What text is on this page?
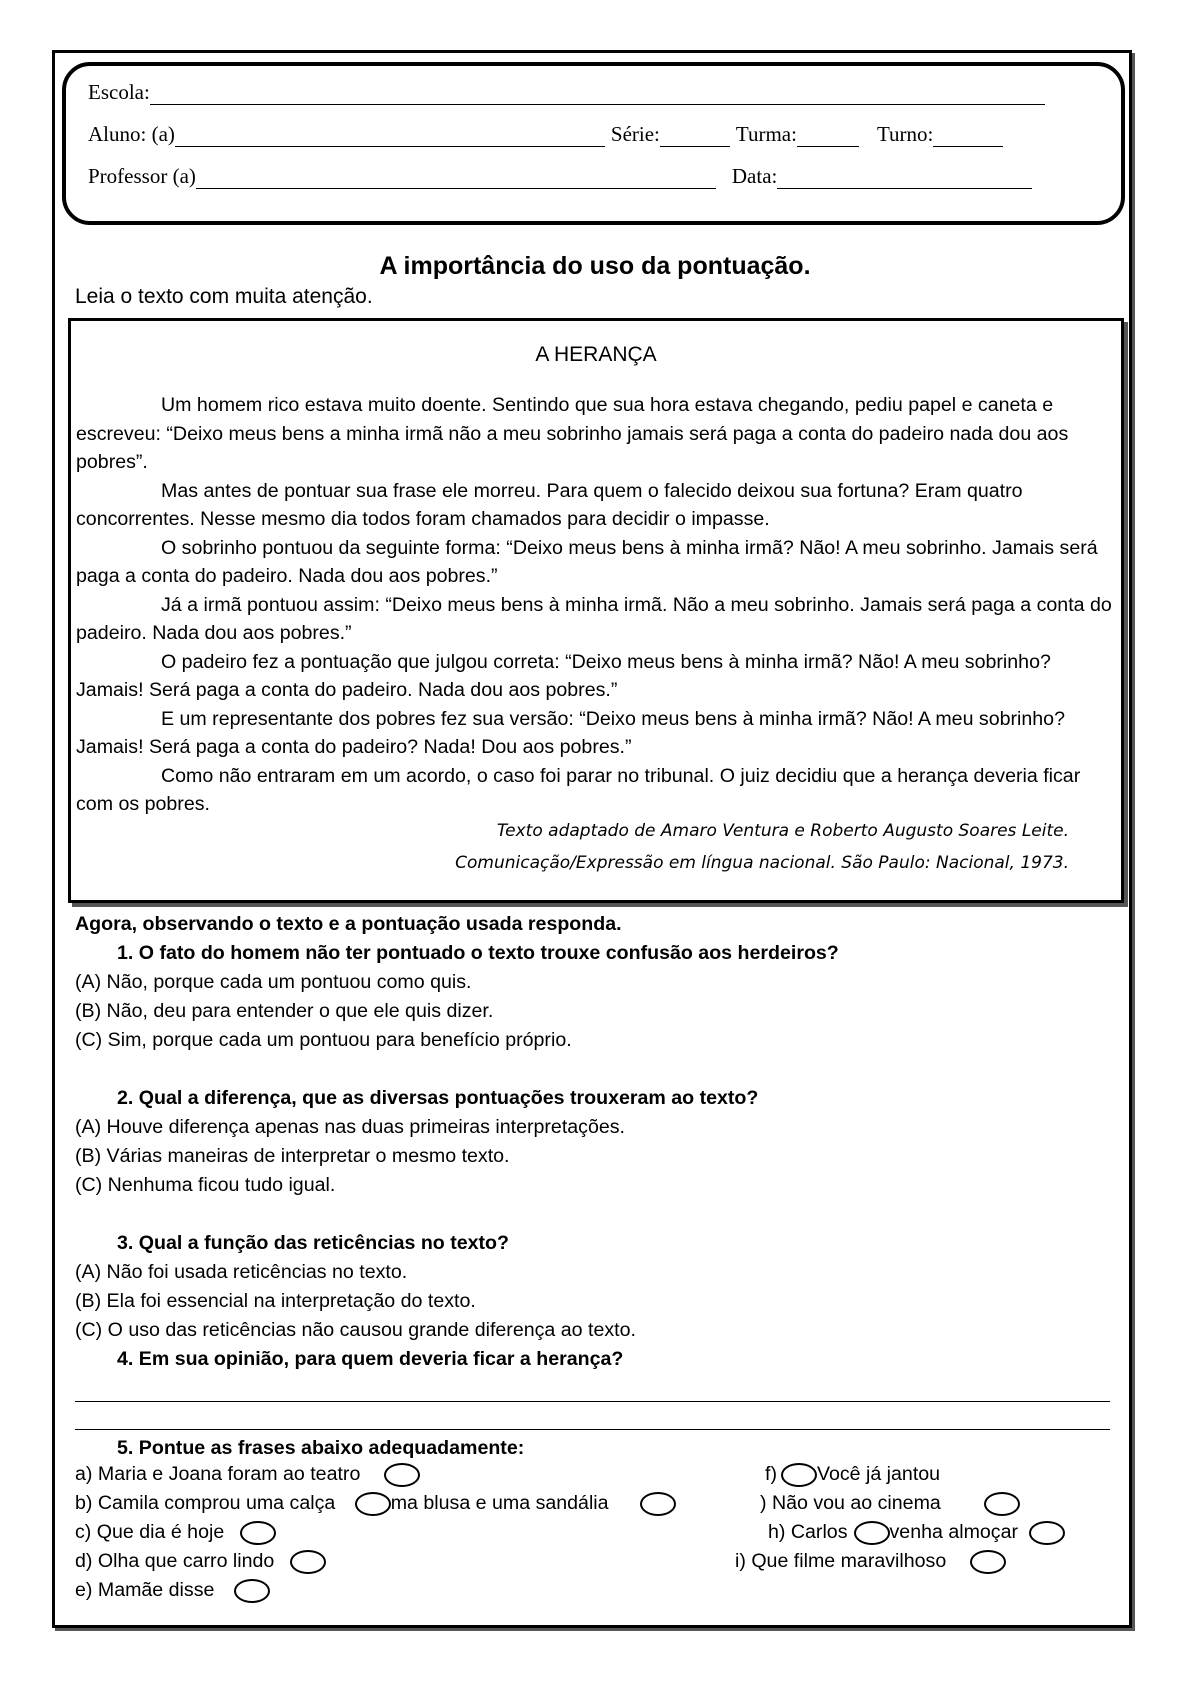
Escola:
Aluno: (a)	Série:	Turma:	Turno:
Professor (a)	Data:
A importância do uso da pontuação.
Leia o texto com muita atenção.
A HERANÇA

Um homem rico estava muito doente. Sentindo que sua hora estava chegando, pediu papel e caneta e escreveu: “Deixo meus bens a minha irmã não a meu sobrinho jamais será paga a conta do padeiro nada dou aos pobres”.

Mas antes de pontuar sua frase ele morreu. Para quem o falecido deixou sua fortuna? Eram quatro concorrentes. Nesse mesmo dia todos foram chamados para decidir o impasse.

O sobrinho pontuou da seguinte forma: “Deixo meus bens à minha irmã? Não! A meu sobrinho. Jamais será paga a conta do padeiro. Nada dou aos pobres.”

Já a irmã pontuou assim: “Deixo meus bens à minha irmã. Não a meu sobrinho. Jamais será paga a conta do padeiro. Nada dou aos pobres.”

O padeiro fez a pontuação que julgou correta: “Deixo meus bens à minha irmã? Não! A meu sobrinho? Jamais! Será paga a conta do padeiro. Nada dou aos pobres.”

E um representante dos pobres fez sua versão: “Deixo meus bens à minha irmã? Não! A meu sobrinho? Jamais! Será paga a conta do padeiro? Nada! Dou aos pobres.”

Como não entraram em um acordo, o caso foi parar no tribunal. O juiz decidiu que a herança deveria ficar com os pobres.

Texto adaptado de Amaro Ventura e Roberto Augusto Soares Leite.
Comunicação/Expressão em língua nacional. São Paulo: Nacional, 1973.
Agora, observando o texto e a pontuação usada responda.
1. O fato do homem não ter pontuado o texto trouxe confusão aos herdeiros?
(A) Não, porque cada um pontuou como quis.
(B) Não, deu para entender o que ele quis dizer.
(C) Sim, porque cada um pontuou para benefício próprio.
2. Qual a diferença, que as diversas pontuações trouxeram ao texto?
(A) Houve diferença apenas nas duas primeiras interpretações.
(B) Várias maneiras de interpretar o mesmo texto.
(C) Nenhuma ficou tudo igual.
3. Qual a função das reticências no texto?
(A) Não foi usada reticências no texto.
(B) Ela foi essencial na interpretação do texto.
(C) O uso das reticências não causou grande diferença ao texto.
4. Em sua opinião, para quem deveria ficar a herança?
5. Pontue as frases abaixo adequadamente:
a) Maria e Joana foram ao teatro
b) Camila comprou uma calça	ma blusa e uma sandália
c) Que dia é hoje
d) Olha que carro lindo
e) Mamãe disse
f) Você já jantou
) Não vou ao cinema
h) Carlos venha almoçar
i) Que filme maravilhoso
